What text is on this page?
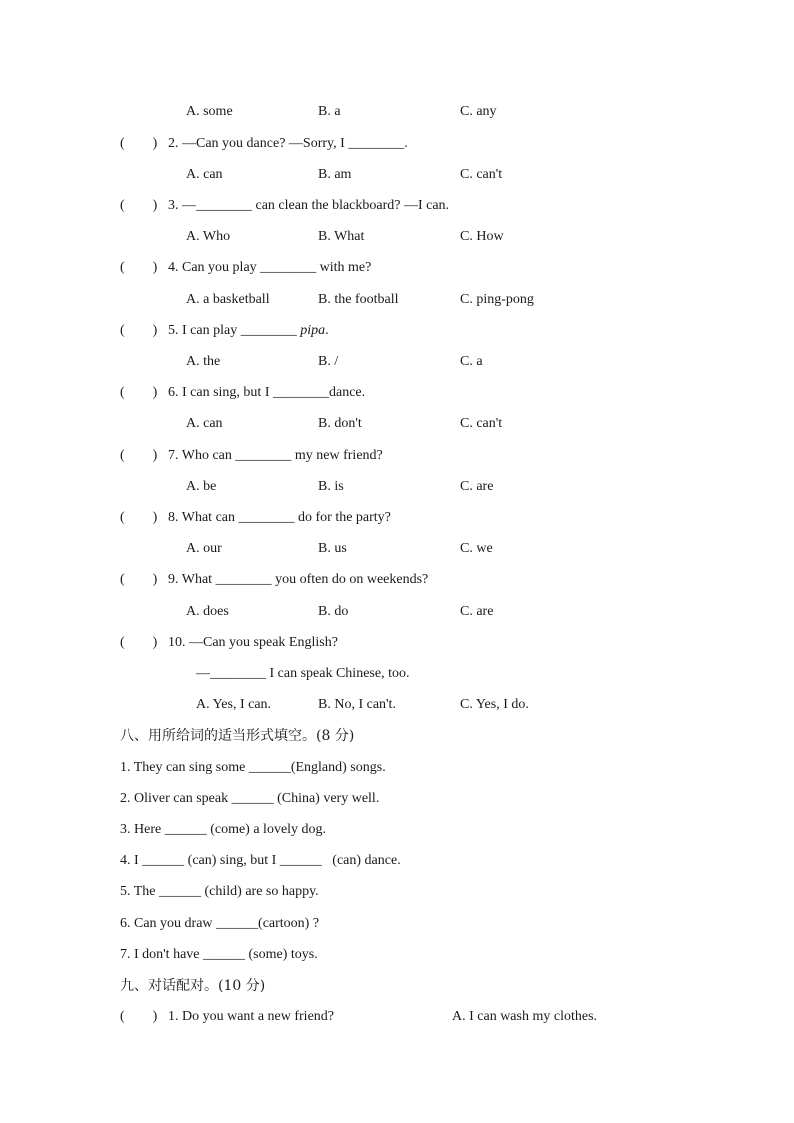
A. some	B. a	C. any
(        ) 2. —Can you dance? —Sorry, I ________.
A. can	B. am	C. can't
(        ) 3. —________ can clean the blackboard? —I can.
A. Who	B. What	C. How
(        ) 4. Can you play ________ with me?
A. a basketball	B. the football	C. ping-pong
(        ) 5. I can play ________ pipa.
A. the	B. /	C. a
(        ) 6. I can sing, but I ________dance.
A. can	B. don't	C. can't
(        ) 7. Who can ________ my new friend?
A. be	B. is	C. are
(        ) 8. What can ________ do for the party?
A. our	B. us	C. we
(        ) 9. What ________ you often do on weekends?
A. does	B. do	C. are
(        ) 10. —Can you speak English?
—________ I can speak Chinese, too.
A. Yes, I can.	B. No, I can't.	C. Yes, I do.
八、用所给词的适当形式填空。(8 分)
1. They can sing some ______(England) songs.
2. Oliver can speak ______ (China) very well.
3. Here ______ (come) a lovely dog.
4. I ______ (can) sing, but I ______   (can) dance.
5. The ______ (child) are so happy.
6. Can you draw ______(cartoon) ?
7. I don't have ______ (some) toys.
九、对话配对。(10 分)
(        ) 1. Do you want a new friend?	A. I can wash my clothes.
